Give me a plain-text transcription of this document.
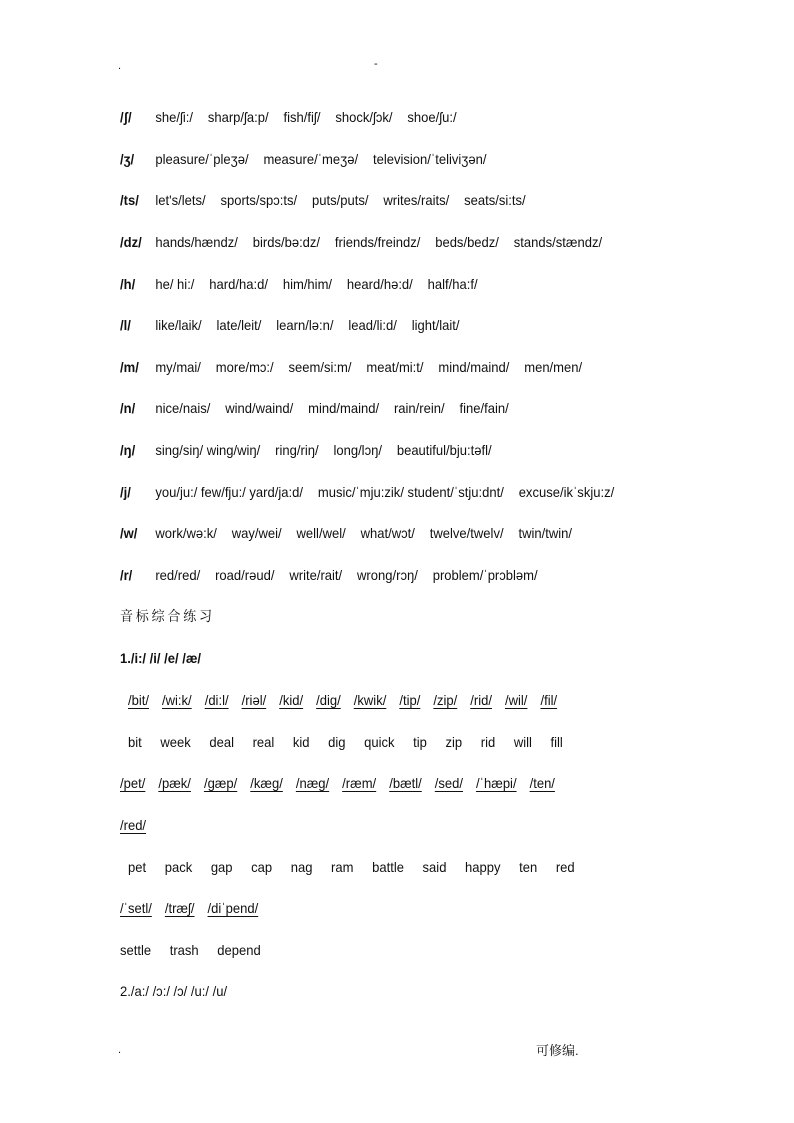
.	-
/ʃ/ she/ʃi:/ sharp/ʃa:p/ fish/fiʃ/ shock/ʃɔk/ shoe/ʃu:/
/ʒ/ pleasure/ˈpleʒə/ measure/ˈmeʒə/ television/ˈteliviʒən/
/ts/ let's/lets/ sports/spɔ:ts/ puts/puts/ writes/raits/ seats/si:ts/
/dz/ hands/hændz/ birds/bə:dz/ friends/freindz/ beds/bedz/ stands/stændz/
/h/ he/ hi:/ hard/ha:d/ him/him/ heard/hə:d/ half/ha:f/
/l/ like/laik/ late/leit/ learn/lə:n/ lead/li:d/ light/lait/
/m/ my/mai/ more/mɔ:/ seem/si:m/ meat/mi:t/ mind/maind/ men/men/
/n/ nice/nais/ wind/waind/ mind/maind/ rain/rein/ fine/fain/
/ŋ/ sing/siŋ/ wing/wiŋ/ ring/riŋ/ long/lɔŋ/ beautiful/bju:təfl/
/j/ you/ju:/ few/fju:/ yard/ja:d/ music/ˈmju:zik/ student/ˈstju:dnt/ excuse/ikˈskju:z/
/w/ work/wə:k/ way/wei/ well/wel/ what/wɔt/ twelve/twelv/ twin/twin/
/r/ red/red/ road/rəud/ write/rait/ wrong/rɔŋ/ problem/ˈprɔbləm/
音标综合练习
1./i:/ /i/ /e/ /æ/
/bit/ /wi:k/ /di:l/ /riəl/ /kid/ /dig/ /kwik/ /tip/ /zip/ /rid/ /wil/ /fil/
bit week deal real kid dig quick tip zip rid will fill
/pet/ /pæk/ /gæp/ /kæg/ /næg/ /ræm/ /bætl/ /sed/ /ˈhæpi/ /ten/
/red/
pet pack gap cap nag ram battle said happy ten red
/ˈsetl/ /træʃ/ /diˈpend/
settle trash depend
2./a:/ /ɔ:/ /ɔ/ /u:/ /u/
.	可修编.
